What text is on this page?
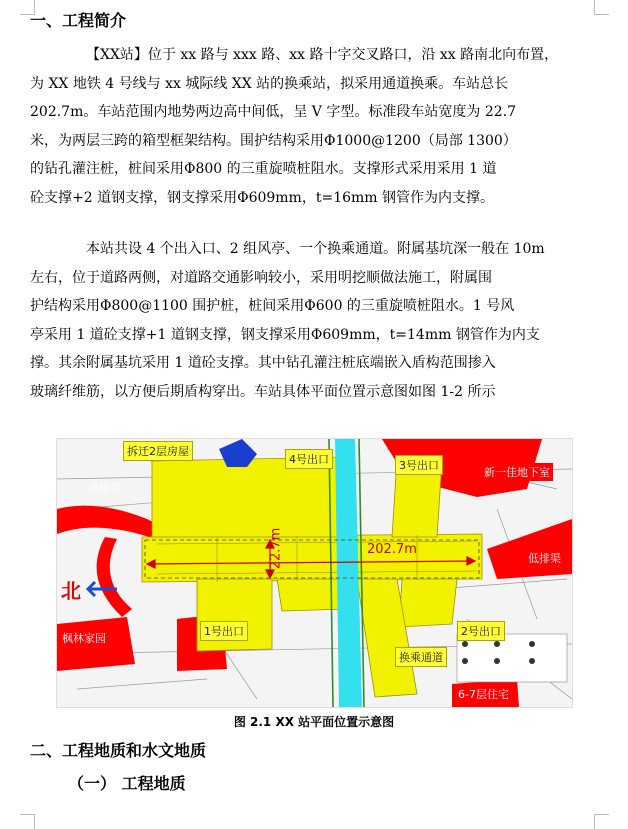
一、工程简介

【XX站】位于 xx 路与 xxx 路、xx 路十字交叉路口，沿 xx 路南北向布置，

为 XX 地铁 4 号线与 xx 城际线 XX 站的换乘站，拟采用通道换乘。车站总长

202.7m。车站范围内地势两边高中间低，呈 V 字型。标准段车站宽度为 22.7

米，为两层三跨的箱型框架结构。围护结构采用Φ1000@1200（局部 1300）

的钻孔灌注桩，桩间采用Φ800 的三重旋喷桩阻水。支撑形式采用采用 1 道

砼支撑+2 道钢支撑，钢支撑采用Φ609mm，t=16mm 钢管作为内支撑。

本站共设 4 个出入口、2 组风亭、一个换乘通道。附属基坑深一般在 10m

左右，位于道路两侧，对道路交通影响较小，采用明挖顺做法施工，附属围

护结构采用Φ800@1100 围护桩，桩间采用Φ600 的三重旋喷桩阻水。1 号风

亭采用 1 道砼支撑+1 道钢支撑，钢支撑采用Φ609mm，t=14mm 钢管作为内支

撑。其余附属基坑采用 1 道砼支撑。其中钻孔灌注桩底端嵌入盾构范围掺入

玻璃纤维筋，以方便后期盾构穿出。车站具体平面位置示意图如图 1-2 所示

拆迁2层房屋
4号出口	3号出口
新一佳地下室
高排渠
低排渠
1号出口	2号出口
枫林家园
换乘通道
6-7层住宅
202.7m
22.7m
北
图 2.1 XX 站平面位置示意图
二、工程地质和水文地质
（一） 工程地质
